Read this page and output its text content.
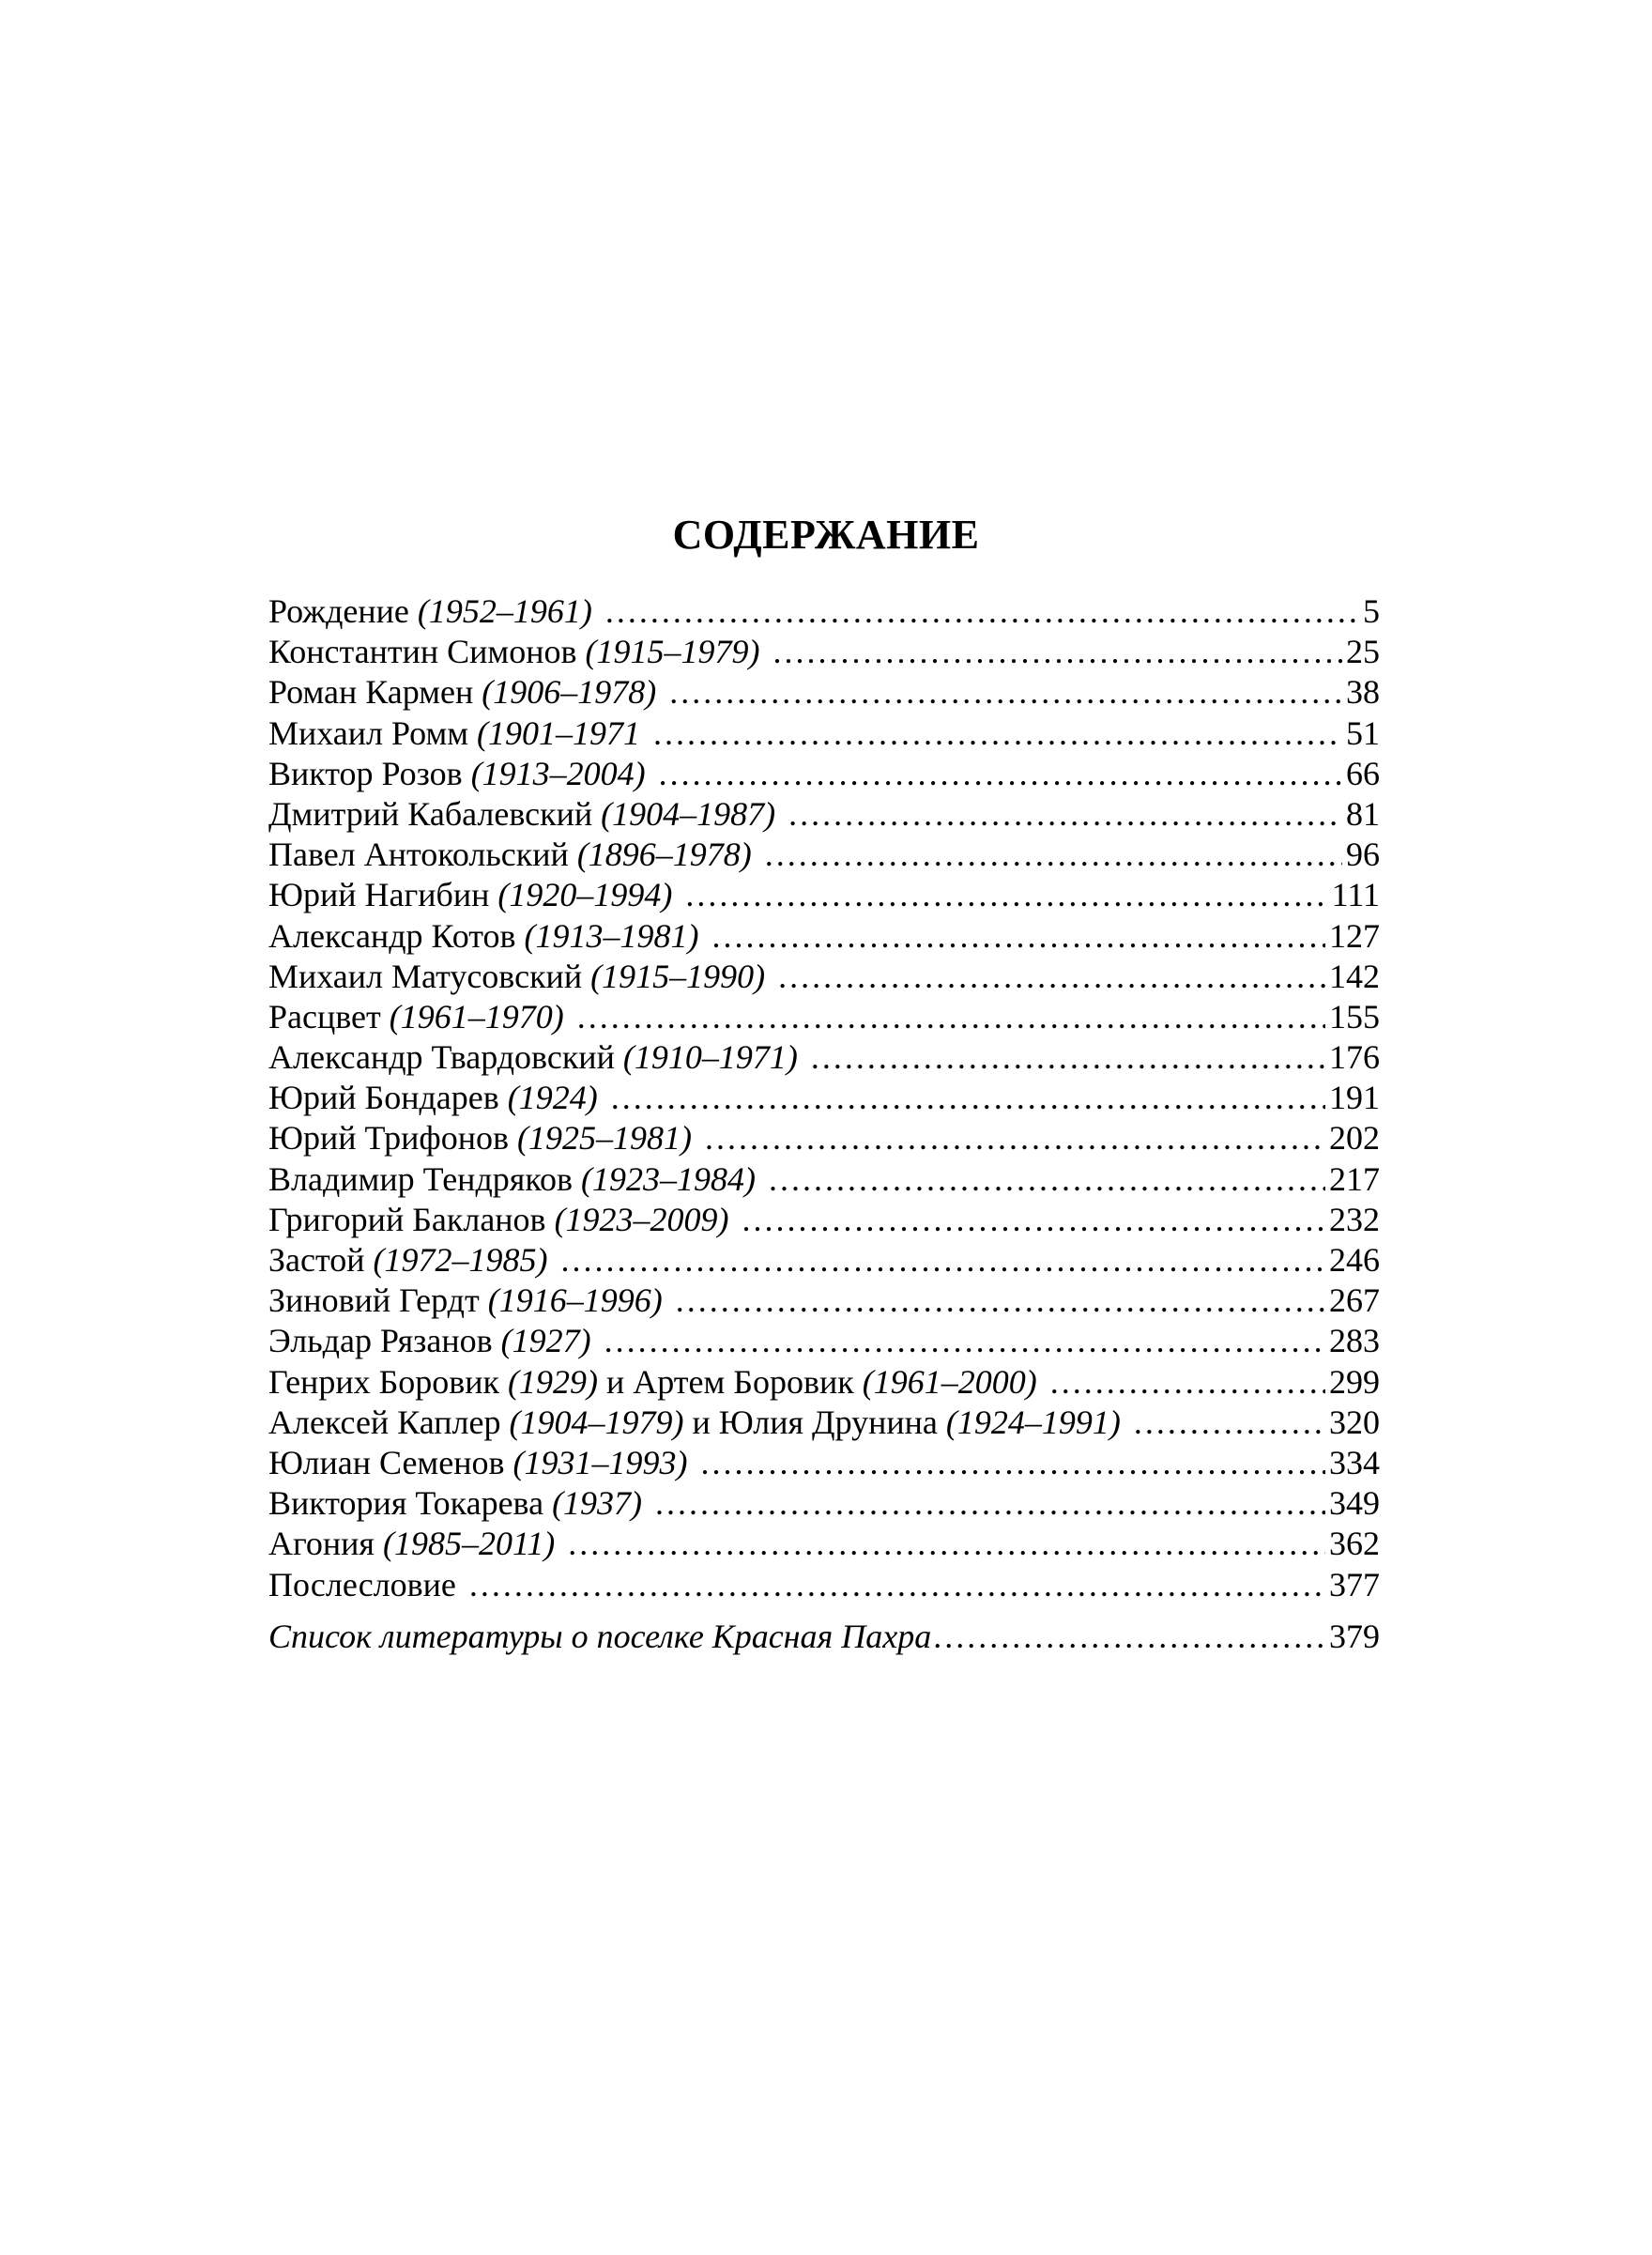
СОДЕРЖАНИЕ
Рождение (1952–1961) .....	5
Константин Симонов (1915–1979) .....	25
Роман Кармен (1906–1978) .....	38
Михаил Ромм (1901–1971 .....	51
Виктор Розов (1913–2004) .....	66
Дмитрий Кабалевский (1904–1987) .....	81
Павел Антокольский (1896–1978) .....	96
Юрий Нагибин (1920–1994) .....	111
Александр Котов (1913–1981) .....	127
Михаил Матусовский (1915–1990) .....	142
Расцвет (1961–1970) .....	155
Александр Твардовский (1910–1971) .....	176
Юрий Бондарев (1924) .....	191
Юрий Трифонов (1925–1981) .....	202
Владимир Тендряков (1923–1984) .....	217
Григорий Бакланов (1923–2009) .....	232
Застой (1972–1985) .....	246
Зиновий Гердт (1916–1996) .....	267
Эльдар Рязанов (1927) .....	283
Генрих Боровик (1929) и Артем Боровик (1961–2000) .....	299
Алексей Каплер (1904–1979) и Юлия Друнина (1924–1991) .....	320
Юлиан Семенов (1931–1993) .....	334
Виктория Токарева (1937) .....	349
Агония (1985–2011) .....	362
Послесловие .....	377
Список литературы о поселке Красная Пахра .....	379
